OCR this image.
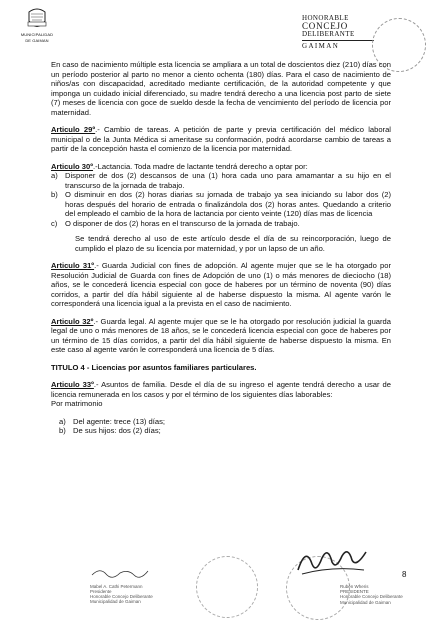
MUNICIPALIDAD
DE GAIMAN
HONORABLE
CONCEJO
DELIBERANTE
GAIMAN

En caso de nacimiento múltiple esta licencia se ampliara a un total de doscientos diez (210) días con un período posterior al parto no menor a ciento ochenta (180) días. Para el caso de nacimiento de niños/as con discapacidad, acreditado mediante certificación, de la autoridad competente y que imponga un cuidado inicial diferenciado, su madre tendrá derecho a una licencia post parto de siete (7) meses de licencia con goce de sueldo desde la fecha de vencimiento del período de licencia por maternidad.

Articulo 29º.- Cambio de tareas. A petición de parte y previa certificación del médico laboral municipal o de la Junta Médica si ameritase su conformación, podrá acordarse cambio de tareas a partir de la concepción hasta el comienzo de la licencia por maternidad.

Articulo 30º.-Lactancia. Toda madre de lactante tendrá derecho a optar por:

a) Disponer de dos (2) descansos de una (1) hora cada uno para amamantar a su hijo en el transcurso de la jornada de trabajo.
b) O disminuir en dos (2) horas diarias su jornada de trabajo ya sea iniciando su labor dos (2) horas después del horario de entrada o finalizándola dos (2) horas antes. Quedando a criterio del empleado el cambio de la hora de lactancia por ciento veinte (120) días mas de licencia
c)	O disponer de dos (2) horas en el transcurso de la jornada de trabajo.

Se tendrá derecho al uso de este artículo desde el día de su reincorporación, luego de cumplido el plazo de su licencia por maternidad, y por un lapso de un año.

Articulo 31º.- Guarda Judicial con fines de adopción. Al agente mujer que se le ha otorgado por Resolución Judicial de Guarda con fines de Adopción de uno (1) o más menores de dieciocho (18) años, se le concederá licencia especial con goce de haberes por un término de noventa (90) días corridos, a partir del día hábil siguiente al de haberse dispuesto la misma. Al agente varón le corresponderá una licencia igual a la prevista en el caso de nacimiento.

Articulo 32º.- Guarda legal. Al agente mujer que se le ha otorgado por resolución judicial la guarda legal de uno o más menores de 18 años, se le concederá licencia especial con goce de haberes por un término de 15 días corridos, a partir del día hábil siguiente de haberse dispuesto la misma. En este caso al agente varón le corresponderá una licencia de 5 días.

TITULO 4 - Licencias por asuntos familiares particulares.

Articulo 33º.- Asuntos de familia. Desde el día de su ingreso el agente tendrá derecho a usar de licencia remunerada en los casos y por el término de los siguientes días laborables:

Por matrimonio

a) Del agente: trece (13) días;
b) De sus hijos: dos (2) días;
Mabel A. Cathi Petermann
Presidente
Honorable Concejo Deliberante
Municipalidad de Gaiman
Rubén Wheris
PRESIDENTE
Honorable Concejo Deliberante
Municipalidad de Gaiman
8
